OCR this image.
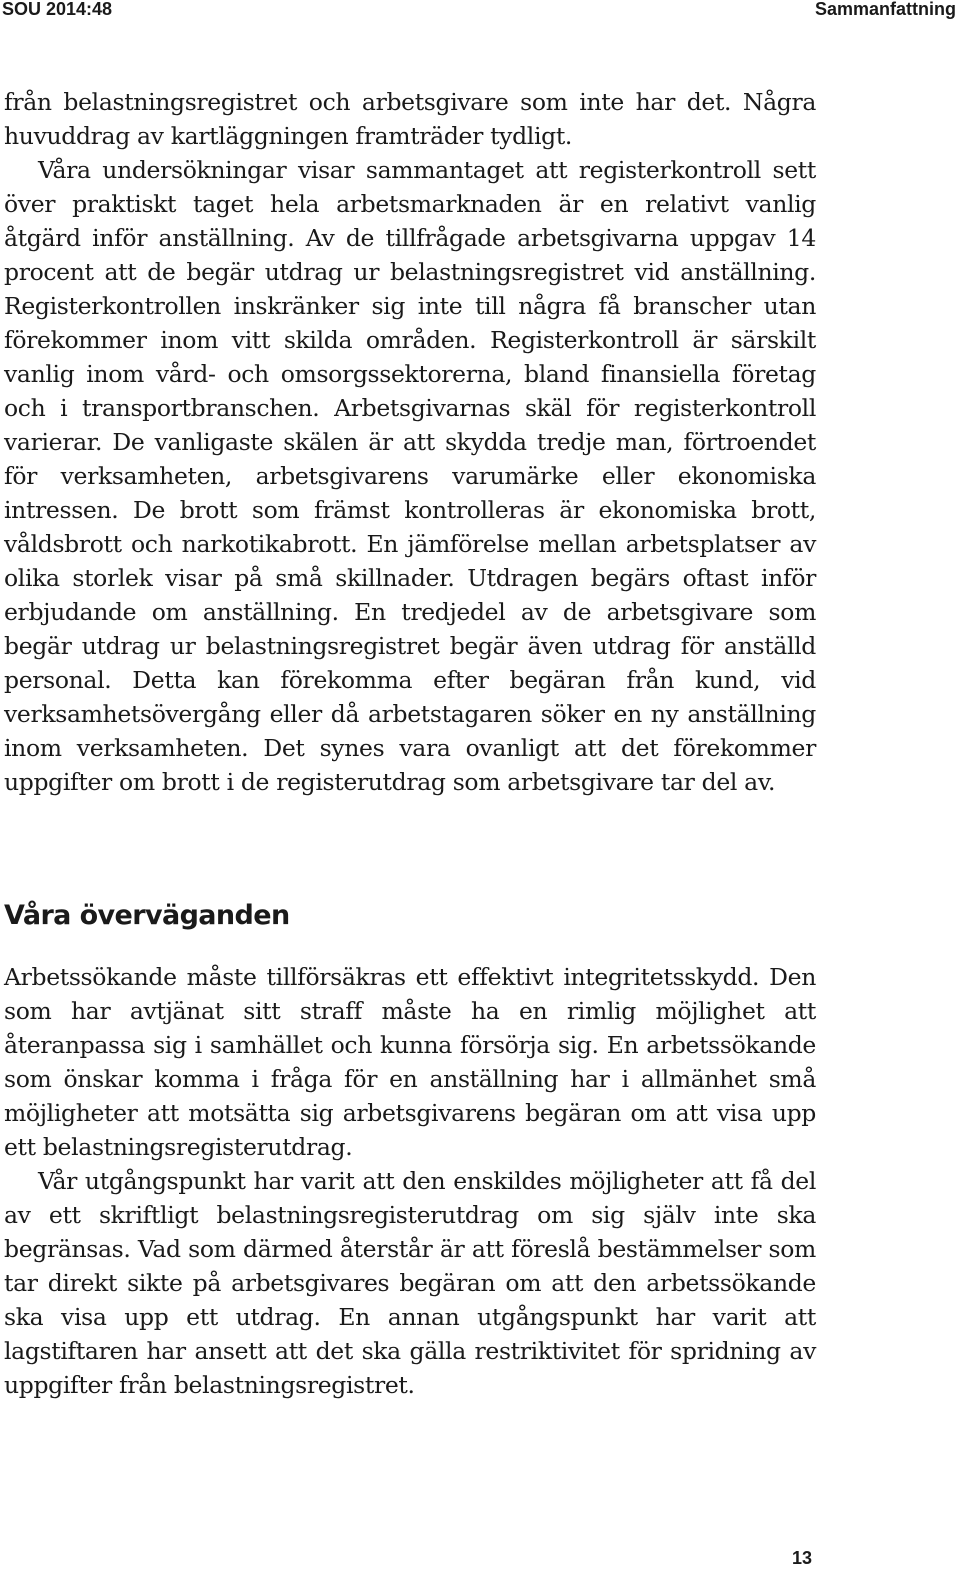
SOU 2014:48	Sammanfattning

från belastningsregistret och arbetsgivare som inte har det. Några huvuddrag av kartläggningen framträder tydligt.

Våra undersökningar visar sammantaget att registerkontroll sett över praktiskt taget hela arbetsmarknaden är en relativt vanlig åtgärd inför anställning. Av de tillfrågade arbetsgivarna uppgav 14 procent att de begär utdrag ur belastningsregistret vid anställning. Registerkontrollen inskränker sig inte till några få branscher utan förekommer inom vitt skilda områden. Registerkontroll är särskilt vanlig inom vård- och omsorgssektorerna, bland finansiella företag och i transportbranschen. Arbetsgivarnas skäl för registerkontroll varierar. De vanligaste skälen är att skydda tredje man, förtroendet för verksamheten, arbetsgivarens varumärke eller ekonomiska intressen. De brott som främst kontrolleras är ekonomiska brott, våldsbrott och narkotikabrott. En jämförelse mellan arbetsplatser av olika storlek visar på små skillnader. Utdragen begärs oftast inför erbjudande om anställning. En tredjedel av de arbetsgivare som begär utdrag ur belastningsregistret begär även utdrag för anställd personal. Detta kan förekomma efter begäran från kund, vid verksamhetsövergång eller då arbetstagaren söker en ny anställning inom verksamheten. Det synes vara ovanligt att det förekommer uppgifter om brott i de registerutdrag som arbetsgivare tar del av.

Våra överväganden

Arbetssökande måste tillförsäkras ett effektivt integritetsskydd. Den som har avtjänat sitt straff måste ha en rimlig möjlighet att återanpassa sig i samhället och kunna försörja sig. En arbetssökande som önskar komma i fråga för en anställning har i allmänhet små möjligheter att motsätta sig arbetsgivarens begäran om att visa upp ett belastningsregisterutdrag.

Vår utgångspunkt har varit att den enskildes möjligheter att få del av ett skriftligt belastningsregisterutdrag om sig själv inte ska begränsas. Vad som därmed återstår är att föreslå bestämmelser som tar direkt sikte på arbetsgivares begäran om att den arbetssökande ska visa upp ett utdrag. En annan utgångspunkt har varit att lagstiftaren har ansett att det ska gälla restriktivitet för spridning av uppgifter från belastningsregistret.

13
